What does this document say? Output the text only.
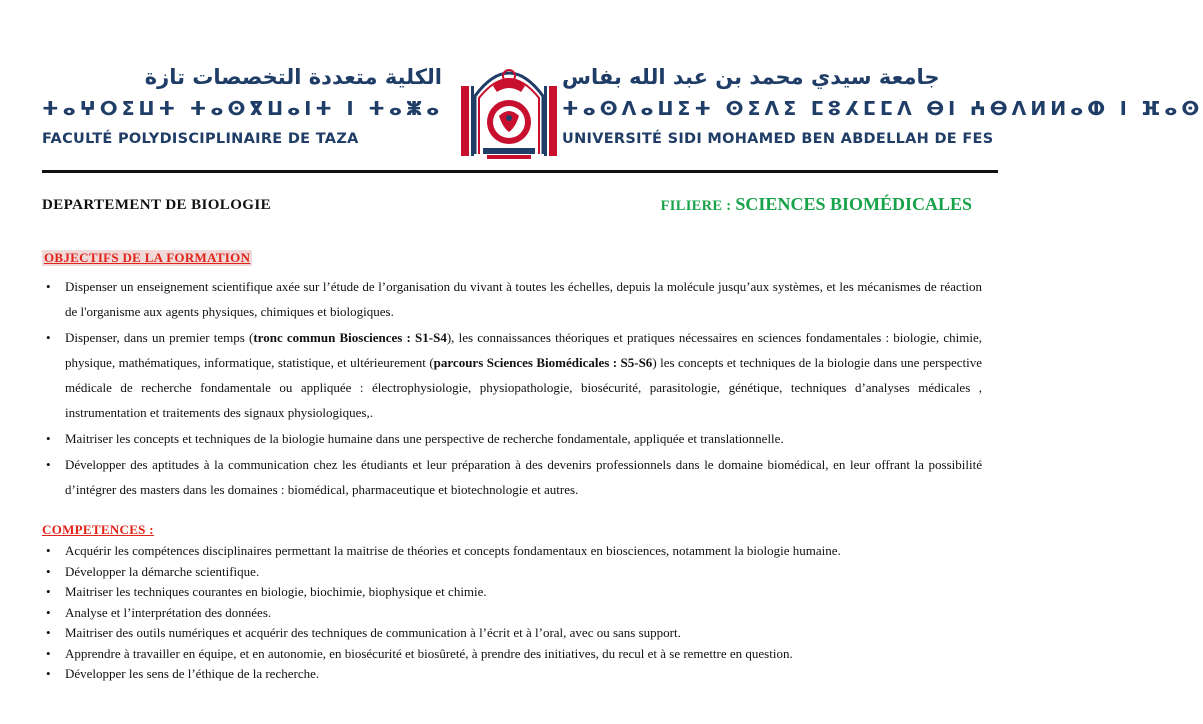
الكلية متعددة التخصصات تازة
ⵜⴰⵖⵔⵉⵡⵜ ⵜⴰⵙⴳⵡⴰⵏⵜ ⵏ ⵜⴰⵥⴰ
FACULTÉ POLYDISCIPLINAIRE DE TAZA
جامعة سيدي محمد بن عبد الله بفاس
ⵜⴰⵙⴷⴰⵡⵉⵜ ⵙⵉⴷⵉ ⵎⵓⵃⵎⵎⴷ ⴱⵏ ⵄⴱⴷⵍⵍⴰⵀ ⵏ ⴼⴰⵙ
UNIVERSITÉ SIDI MOHAMED BEN ABDELLAH DE FES
DEPARTEMENT DE BIOLOGIE	FILIERE : SCIENCES BIOMÉDICALES
OBJECTIFS DE LA FORMATION
• Dispenser un enseignement scientifique axée sur l’étude de l’organisation du vivant à toutes les échelles, depuis la molécule jusqu’aux systèmes, et les mécanismes de réaction de l'organisme aux agents physiques, chimiques et biologiques.
• Dispenser, dans un premier temps (tronc commun Biosciences : S1-S4), les connaissances théoriques et pratiques nécessaires en sciences fondamentales : biologie, chimie, physique, mathématiques, informatique, statistique, et ultérieurement (parcours Sciences Biomédicales : S5-S6) les concepts et techniques de la biologie dans une perspective médicale de recherche fondamentale ou appliquée : électrophysiologie, physiopathologie, biosécurité, parasitologie, génétique, techniques d’analyses médicales , instrumentation et traitements des signaux physiologiques,.
• Maitriser les concepts et techniques de la biologie humaine dans une perspective de recherche fondamentale, appliquée et translationnelle.
• Développer des aptitudes à la communication chez les étudiants et leur préparation à des devenirs professionnels dans le domaine biomédical, en leur offrant la possibilité d’intégrer des masters dans les domaines : biomédical, pharmaceutique et biotechnologie et autres.
COMPETENCES :
• Acquérir les compétences disciplinaires permettant la maitrise de théories et concepts fondamentaux en biosciences, notamment la biologie humaine.
• Développer la démarche scientifique.
• Maitriser les techniques courantes en biologie, biochimie, biophysique et chimie.
• Analyse et l’interprétation des données.
• Maitriser des outils numériques et acquérir des techniques de communication à l’écrit et à l’oral, avec ou sans support.
• Apprendre à travailler en équipe, et en autonomie, en biosécurité et biosûreté, à prendre des initiatives, du recul et à se remettre en question.
• Développer les sens de l’éthique de la recherche.
